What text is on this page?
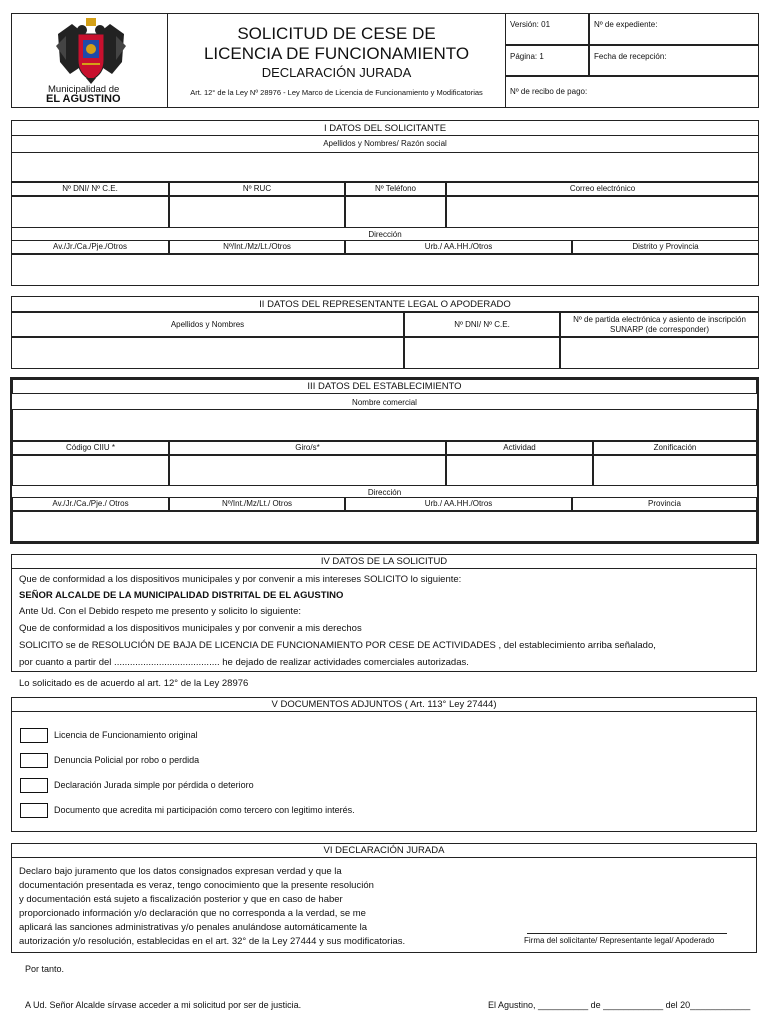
Municipalidad de
EL AGUSTINO
SOLICITUD DE CESE DE
LICENCIA DE FUNCIONAMIENTO
DECLARACIÓN JURADA
Art. 12° de la Ley Nº 28976 - Ley Marco de Licencia de Funcionamiento y Modificatorias
Versión: 01
Página: 1
Nº de expediente:
Fecha de recepción:
Nº de recibo de pago:
I DATOS DEL SOLICITANTE
Apellidos y Nombres/ Razón social
Nº DNI/ Nº C.E.	Nº RUC	Nº Teléfono	Correo electrónico
Dirección
Av./Jr./Ca./Pje./Otros	Nº/Int./Mz/Lt./Otros	Urb./ AA.HH./Otros	Distrito y Provincia
II DATOS DEL REPRESENTANTE LEGAL O APODERADO
Apellidos y Nombres	Nº DNI/ Nº C.E.	Nº de partida electrónica y asiento de inscripción
SUNARP (de corresponder)
III DATOS DEL ESTABLECIMIENTO
Nombre comercial
Código CIIU *	Giro/s*	Actividad	Zonificación
Dirección
Av./Jr./Ca./Pje./ Otros	Nº/Int./Mz/Lt./ Otros	Urb./ AA.HH./Otros	Provincia
IV DATOS DE LA SOLICITUD
Que de conformidad a los dispositivos municipales y por convenir a mis intereses SOLICITO lo siguiente:
SEÑOR ALCALDE DE LA MUNICIPALIDAD DISTRITAL DE EL AGUSTINO
Ante Ud. Con el Debido respeto me presento y solicito lo siguiente:
Que de conformidad a los dispositivos municipales y por convenir a mis derechos
SOLICITO se de RESOLUCIÓN DE BAJA DE LICENCIA DE FUNCIONAMIENTO POR CESE DE ACTIVIDADES , del establecimiento arriba señalado,
por cuanto a partir del ........................................ he dejado de realizar actividades comerciales autorizadas.
Lo solicitado es de acuerdo al art. 12° de la Ley 28976
V DOCUMENTOS ADJUNTOS ( Art. 113° Ley 27444)
Licencia de Funcionamiento original
Denuncia Policial por robo o perdida
Declaración Jurada simple por pérdida o deterioro
Documento que acredita mi participación como tercero con legitimo interés.
VI DECLARACIÓN JURADA
Declaro bajo juramento que los datos consignados expresan verdad y que la
documentación presentada es veraz, tengo conocimiento que la presente resolución
y documentación está sujeto a fiscalización posterior y que en caso de haber
proporcionado información y/o declaración que no corresponda a la verdad, se me
aplicará las sanciones administrativas y/o penales anulándose automáticamente la
autorización y/o resolución, establecidas en el art. 32° de la Ley 27444 y sus modificatorias.	Firma del solicitante/ Representante legal/ Apoderado
Por tanto.
A Ud. Señor Alcalde sírvase acceder a mi solicitud por ser de justicia.	El Agustino, __________ de ____________ del 20____________
